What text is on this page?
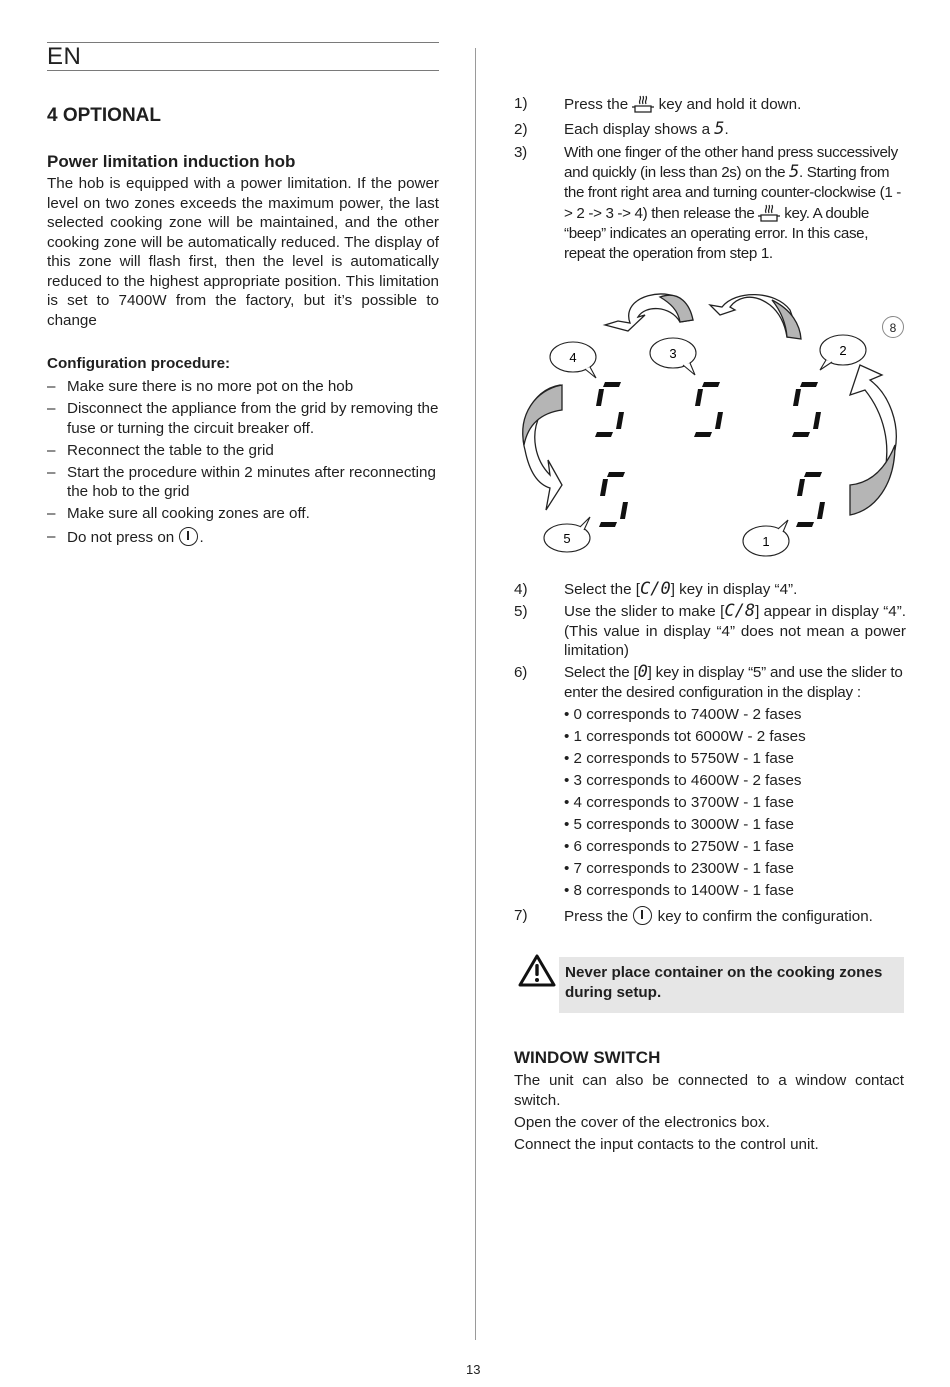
EN
4 OPTIONAL
Power limitation induction hob
The hob is equipped with a power limitation. If the power level on two zones exceeds the maximum power, the last selected cooking zone will be maintained, and the other cooking zone will be automatically reduced. The display of this zone will flash first, then the level is automatically reduced to the highest appropriate position. This limitation is set to 7400W from the factory, but it’s possible to change
Configuration procedure:
– Make sure there is no more pot on the hob
– Disconnect the appliance from the grid by removing the fuse or turning the circuit breaker off.
– Reconnect the table to the grid
– Start the procedure within 2 minutes after reconnecting the hob to the grid
– Make sure all cooking zones are off.
– Do not press on .
1) Press the key and hold it down.
2) Each display shows a 5.
3) With one finger of the other hand press successively and quickly (in less than 2s) on the 5. Starting from the front right area and turning counter-clockwise (1 -> 2 -> 3 -> 4) then release the key. A double “beep” indicates an operating error. In this case, repeat the operation from step 1.
8
4	3	2
5	1
4) Select the [C/0] key in display “4”.
5) Use the slider to make [C/8] appear in display “4”. (This value in display “4” does not mean a power limitation)
6) Select the [0] key in display “5” and use the slider to enter the desired configuration in the display :
• 0 corresponds to 7400W - 2 fases
• 1 corresponds tot 6000W - 2 fases
• 2 corresponds to 5750W - 1 fase
• 3 corresponds to 4600W - 2 fases
• 4 corresponds to 3700W - 1 fase
• 5 corresponds to 3000W - 1 fase
• 6 corresponds to 2750W - 1 fase
• 7 corresponds to 2300W - 1 fase
• 8 corresponds to 1400W - 1 fase
7) Press the key to confirm the configuration.
Never place container on the cooking zones during setup.
WINDOW SWITCH
The unit can also be connected to a window contact switch.
Open the cover of the electronics box.
Connect the input contacts to the control unit.
13
